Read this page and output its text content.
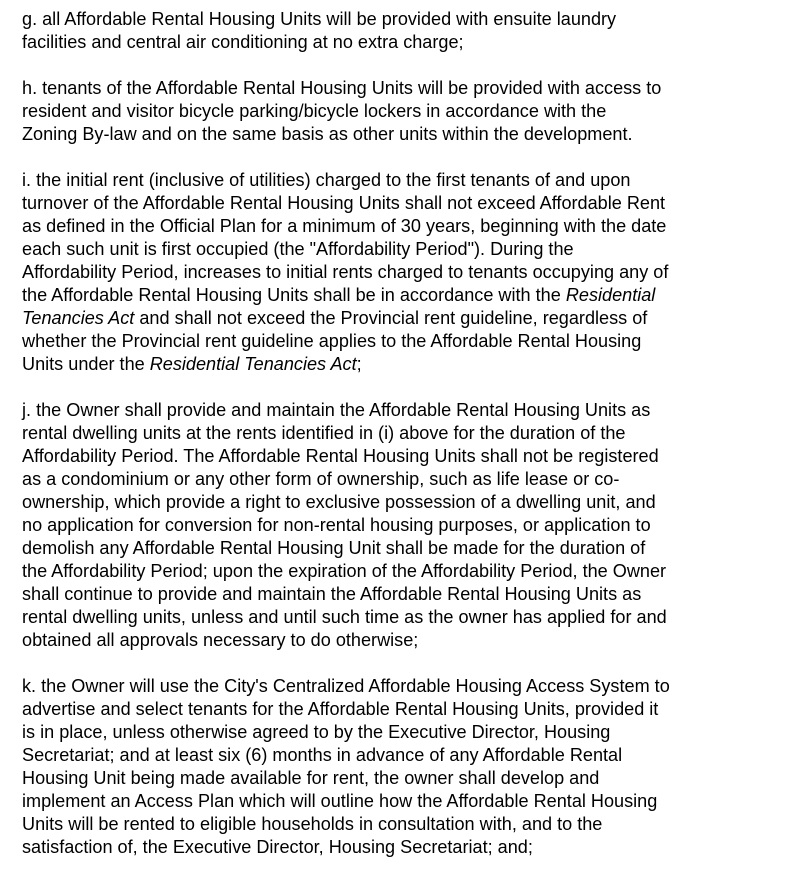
g. all Affordable Rental Housing Units will be provided with ensuite laundry
facilities and central air conditioning at no extra charge;
h. tenants of the Affordable Rental Housing Units will be provided with access to
resident and visitor bicycle parking/bicycle lockers in accordance with the
Zoning By-law and on the same basis as other units within the development.
i. the initial rent (inclusive of utilities) charged to the first tenants of and upon
turnover of the Affordable Rental Housing Units shall not exceed Affordable Rent
as defined in the Official Plan for a minimum of 30 years, beginning with the date
each such unit is first occupied (the "Affordability Period"). During the
Affordability Period, increases to initial rents charged to tenants occupying any of
the Affordable Rental Housing Units shall be in accordance with the Residential
Tenancies Act and shall not exceed the Provincial rent guideline, regardless of
whether the Provincial rent guideline applies to the Affordable Rental Housing
Units under the Residential Tenancies Act;
j. the Owner shall provide and maintain the Affordable Rental Housing Units as
rental dwelling units at the rents identified in (i) above for the duration of the
Affordability Period. The Affordable Rental Housing Units shall not be registered
as a condominium or any other form of ownership, such as life lease or co-
ownership, which provide a right to exclusive possession of a dwelling unit, and
no application for conversion for non-rental housing purposes, or application to
demolish any Affordable Rental Housing Unit shall be made for the duration of
the Affordability Period; upon the expiration of the Affordability Period, the Owner
shall continue to provide and maintain the Affordable Rental Housing Units as
rental dwelling units, unless and until such time as the owner has applied for and
obtained all approvals necessary to do otherwise;
k. the Owner will use the City's Centralized Affordable Housing Access System to
advertise and select tenants for the Affordable Rental Housing Units, provided it
is in place, unless otherwise agreed to by the Executive Director, Housing
Secretariat; and at least six (6) months in advance of any Affordable Rental
Housing Unit being made available for rent, the owner shall develop and
implement an Access Plan which will outline how the Affordable Rental Housing
Units will be rented to eligible households in consultation with, and to the
satisfaction of, the Executive Director, Housing Secretariat; and;
